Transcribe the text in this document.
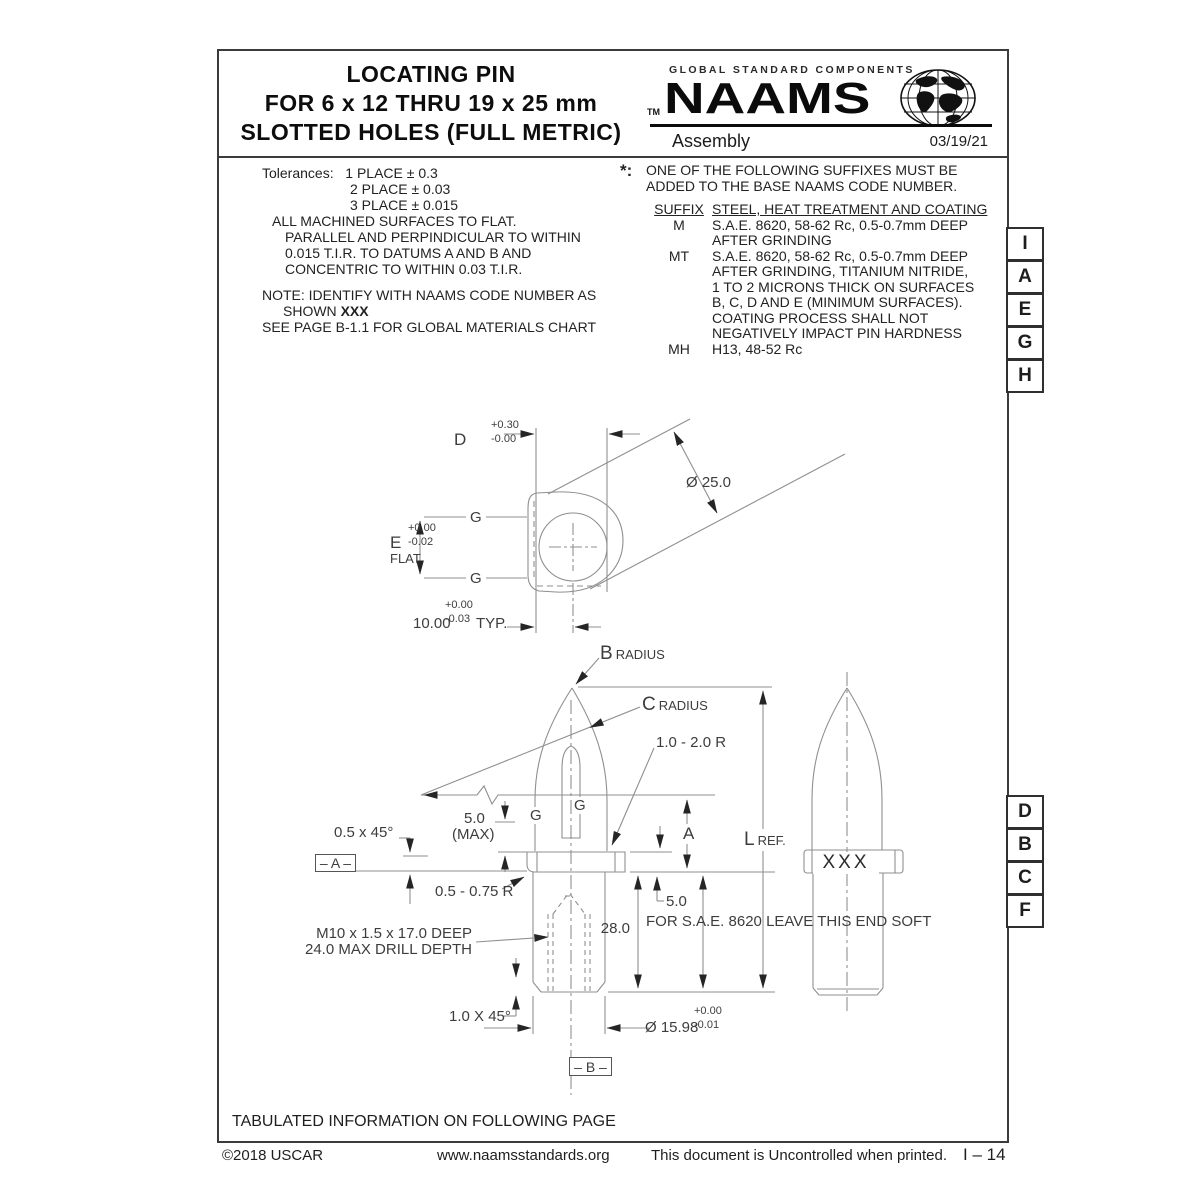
LOCATING PIN
FOR 6 x 12 THRU 19 x 25 mm
SLOTTED HOLES (FULL METRIC)
GLOBAL STANDARD COMPONENTS
TM NAAMS
Assembly	03/19/21
Tolerances: 1 PLACE ± 0.3
2 PLACE ± 0.03
3 PLACE ± 0.015
ALL MACHINED SURFACES TO FLAT.
PARALLEL AND PERPINDICULAR TO WITHIN
0.015 T.I.R. TO DATUMS A AND B AND
CONCENTRIC TO WITHIN 0.03 T.I.R.
NOTE: IDENTIFY WITH NAAMS CODE NUMBER AS
SHOWN XXX
SEE PAGE B-1.1 FOR GLOBAL MATERIALS CHART
*: ONE OF THE FOLLOWING SUFFIXES MUST BE
ADDED TO THE BASE NAAMS CODE NUMBER.
SUFFIX STEEL, HEAT TREATMENT AND COATING
M	S.A.E. 8620, 58-62 Rc, 0.5-0.7mm DEEP
AFTER GRINDING
MT	S.A.E. 8620, 58-62 Rc, 0.5-0.7mm DEEP
AFTER GRINDING, TITANIUM NITRIDE,
1 TO 2 MICRONS THICK ON SURFACES
B, C, D AND E (MINIMUM SURFACES).
COATING PROCESS SHALL NOT
NEGATIVELY IMPACT PIN HARDNESS
MH	H13, 48-52 Rc
I
A
E
G
H
D
B
C
F
D
+0.30
-0.00
Ø 25.0
G
G
E
+0.00
-0.02
FLAT
10.00
+0.00
-0.03 TYP.
B RADIUS
C RADIUS
1.0 - 2.0 R
5.0
(MAX)
G
G
0.5 x 45°
– A –
0.5 - 0.75 R
M10 x 1.5 x 17.0 DEEP
24.0 MAX DRILL DEPTH
1.0 X 45°
28.0
5.0
FOR S.A.E. 8620 LEAVE THIS END SOFT
Ø 15.98
+0.00
-0.01
A	L REF.
– B –
XXX
TABULATED INFORMATION ON FOLLOWING PAGE
©2018 USCAR	www.naamsstandards.org	This document is Uncontrolled when printed. I – 14
